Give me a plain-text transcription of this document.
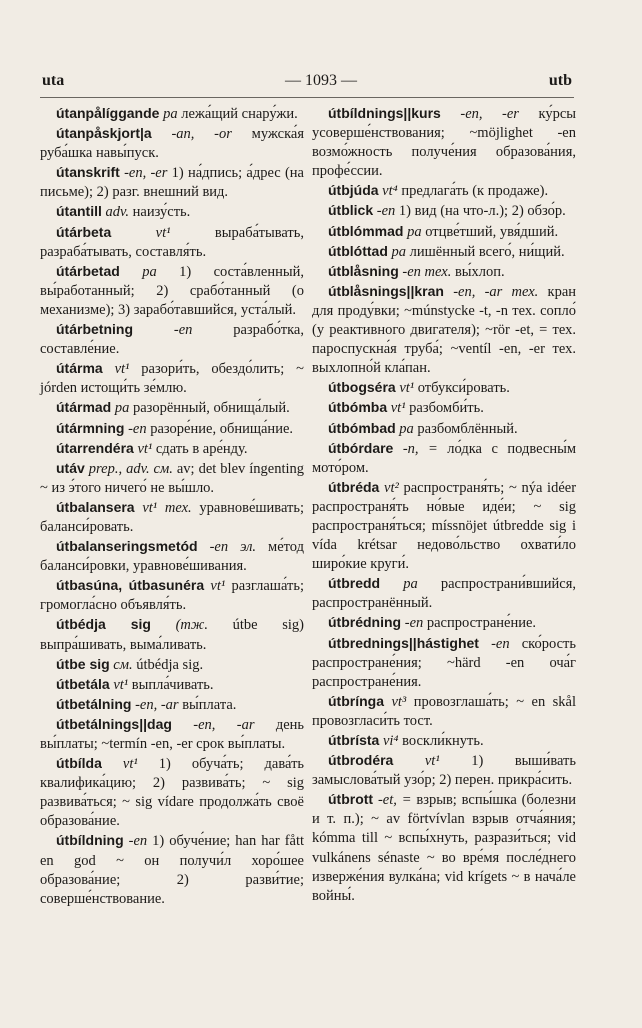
uta	— 1093 —	utb

útanpålíggande pa лежа́щий снару́жи.

útanpåskjort|a -an, -or мужска́я руба́шка навы́пуск.

útanskrift -en, -er 1) на́дпись; а́дрес (на письме); 2) разг. внешний вид.

útantill adv. наизу́сть.

útárbeta	vt¹	выраба́тывать, разраба́тывать, составля́ть.

útárbetad pa 1) соста́вленный, вы́работанный; 2) срабо́танный (о механизме); 3) зарабо́тавшийся, уста́лый.

útárbetning	-en	разрабо́тка, составле́ние.

útárma vt¹ разори́ть, обездо́лить; ~ jórden истощи́ть зе́млю.

útármad pa разорённый, обнища́лый.

útármning -en разоре́ние, обнища́ние.

útarrendéra vt¹ сдать в аре́нду.

utáv prep., adv. см. av; det blev íngenting ~ из э́того ничего́ не вы́шло.

útbalansera vt¹ тех. уравнове́шивать; баланси́ровать.

útbalanseringsmetód -en эл. ме́тод баланси́ровки, уравнове́шивания.

útbasúna, útbasunéra vt¹ разглаша́ть; громогла́сно объявля́ть.

útbédja sig (тж. útbe sig) выпра́шивать, выма́ливать.

útbe sig см. útbédja sig.

útbetála vt¹ выпла́чивать.

útbetálning -en, -ar вы́плата.

útbetálnings||dag -en, -ar день вы́платы; ~termín -en, -er срок вы́платы.

útbílda vt¹ 1) обуча́ть; дава́ть квалифика́цию; 2) развива́ть; ~ sig развива́ться; ~ sig vídare продолжа́ть своё образова́ние.

útbíldning -en 1) обуче́ние; han har fått en god ~ он получи́л хоро́шее образова́ние; 2) разви́тие; соверше́нствование.

útbíldnings||kurs -en, -er ку́рсы усоверше́нствования; ~möjlighet -en возмо́жность получе́ния образова́ния, профе́ссии.

útbjúda vt⁴ предлага́ть (к продаже).

útblick -en 1) вид (на что-л.); 2) обзо́р.

útblómmad pa отцве́тший, увя́дший.

útblóttad pa лишённый всего́, ни́щий.

útblåsning -en тех. вы́хлоп.

útblåsnings||kran -en, -ar тех. кран для проду́вки; ~múnstycke -t, -n тех. сопло́ (у реактивного двигателя); ~rör -et, = тех. пароспускна́я труба́; ~ventíl -en, -er тех. выхлопно́й кла́пан.

útbogséra vt¹ отбукси́ровать.

útbómba vt¹ разбомби́ть.

útbómbad pa разбомблённый.

útbórdare -n, = ло́дка с подвесны́м мото́ром.

útbréda vt² распространя́ть; ~ nýa idéer распространя́ть но́вые иде́и; ~ sig распространя́ться; míssnöjet útbredde sig i vída krétsar недово́льство охвати́ло широ́кие круги́.

útbredd pa распространи́вшийся, распространённый.

útbrédning -en распростране́ние.

útbrednings||hástighet -en ско́рость распростране́ния; ~härd -en оча́г распростране́ния.

útbrínga vt³ провозглаша́ть; ~ en skål провозгласи́ть тост.

útbrísta vi⁴ воскли́кнуть.

útbrodéra vt¹ 1) выши́вать замыслова́тый узо́р; 2) перен. прикра́сить.

útbrott -et, = взрыв; вспы́шка (болезни и т. п.); ~ av förtvívlan взрыв отча́яния; kómma till ~ вспы́хнуть, разрази́ться; vid vulkánens sénaste ~ во вре́мя после́днего изверже́ния вулка́на; vid krígets ~ в нача́ле войны́.
